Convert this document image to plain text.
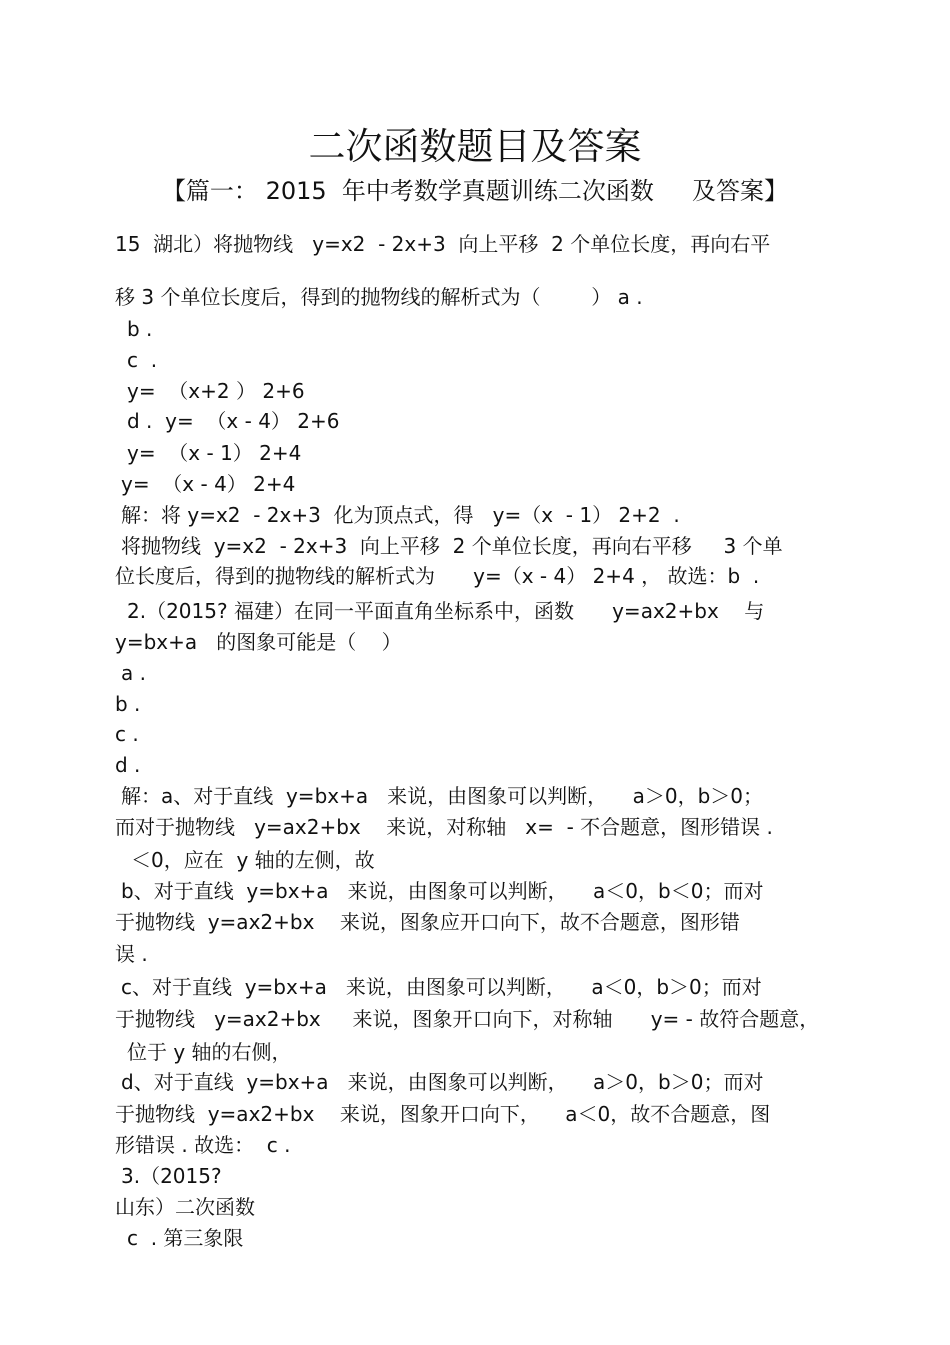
二次函数题目及答案
【篇一： 2015  年中考数学真题训练二次函数     及答案】
15  湖北）将抛物线   y=x2  - 2x+3  向上平移  2 个单位长度，再向右平
移 3 个单位长度后，得到的抛物线的解析式为（        ） a .
b .
c  .
y=  （x+2 ） 2+6
d .  y=  （x - 4） 2+6
y=  （x - 1） 2+4
y=  （x - 4） 2+4
解：将 y=x2  - 2x+3  化为顶点式，得   y=（x  - 1） 2+2  .
将抛物线  y=x2  - 2x+3  向上平移  2 个单位长度，再向右平移     3 个单
位长度后，得到的抛物线的解析式为      y=（x - 4） 2+4 ， 故选：b  .
2.（2015? 福建）在同一平面直角坐标系中，函数      y=ax2+bx    与
y=bx+a   的图象可能是（    ）
a .
b .
c .
d .
解：a、对于直线  y=bx+a   来说，由图象可以判断，    a＞0，b＞0；
而对于抛物线   y=ax2+bx    来说，对称轴   x=  - 不合题意，图形错误 .
＜0，应在  y 轴的左侧，故
b、对于直线  y=bx+a   来说，由图象可以判断，    a＜0，b＜0；而对
于抛物线  y=ax2+bx    来说，图象应开口向下，故不合题意，图形错
误 .
c、对于直线  y=bx+a   来说，由图象可以判断，    a＜0，b＞0；而对
于抛物线   y=ax2+bx     来说，图象开口向下，对称轴      y= - 故符合题意，
位于 y 轴的右侧，
d、对于直线  y=bx+a   来说，由图象可以判断，    a＞0，b＞0；而对
于抛物线  y=ax2+bx    来说，图象开口向下，    a＜0，故不合题意，图
形错误 . 故选：  c .
3.（2015?
山东）二次函数
c  . 第三象限
